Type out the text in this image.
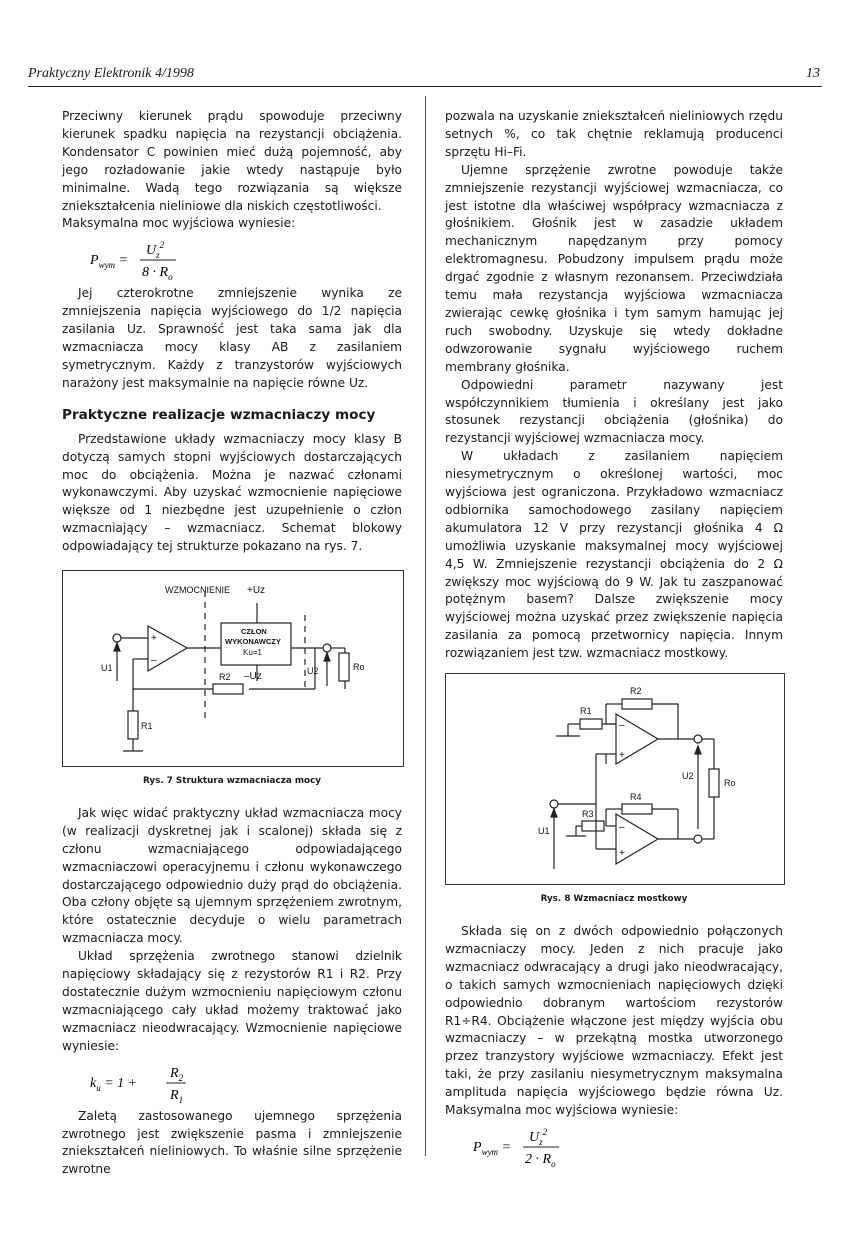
Praktyczny Elektronik 4/1998	13

Przeciwny kierunek prądu spowoduje przeciwny kierunek spadku napięcia na rezystancji obciążenia. Kondensator C powinien mieć dużą pojemność, aby jego rozładowanie jakie wtedy nastąpuje było minimalne. Wadą tego rozwiązania są większe zniekształcenia nieliniowe dla niskich częstotliwości.

Maksymalna moc wyjściowa wyniesie:

$P_{wym}$ =
$U_z^2$
$8 \cdot R_o$

Jej czterokrotne zmniejszenie wynika ze zmniejszenia napięcia wyjściowego do 1/2 napięcia zasilania Uz. Sprawność jest taka sama jak dla wzmacniacza mocy klasy AB z zasilaniem symetrycznym. Każdy z tranzystorów wyjściowych narażony jest maksymalnie na napięcie równe Uz.

Praktyczne realizacje wzmacniaczy mocy

Przedstawione układy wzmacniaczy mocy klasy B dotyczą samych stopni wyjściowych dostarczających moc do obciążenia. Można je nazwać członami wykonawczymi. Aby uzyskać wzmocnienie napięciowe większe od 1 niezbędne jest uzupełnienie o człon wzmacniający – wzmacniacz. Schemat blokowy odpowiadający tej strukturze pokazano na rys. 7.

WZMOCNIENIE +Uz
–Uz
CZŁON
WYKONAWCZY
Ku=1
+
–
U1	U2
R2
R1
Ro
Rys. 7 Struktura wzmacniacza mocy

Jak więc widać praktyczny układ wzmacniacza mocy (w realizacji dyskretnej jak i scalonej) składa się z członu wzmacniającego odpowiadającego wzmacniaczowi operacyjnemu i członu wykonawczego dostarczającego odpowiednio duży prąd do obciążenia. Oba człony objęte są ujemnym sprzężeniem zwrotnym, które ostatecznie decyduje o wielu parametrach wzmacniacza mocy.

Układ sprzężenia zwrotnego stanowi dzielnik napięciowy składający się z rezystorów R1 i R2. Przy dostatecznie dużym wzmocnieniu napięciowym członu wzmacniającego cały układ możemy traktować jako wzmacniacz nieodwracający. Wzmocnienie napięciowe wyniesie:

$k_u = 1$ +
$R_2$
$R_1$

Zaletą zastosowanego ujemnego sprzężenia zwrotnego jest zwiększenie pasma i zmniejszenie zniekształceń nieliniowych. To właśnie silne sprzężenie zwrotne

pozwala na uzyskanie zniekształceń nieliniowych rzędu setnych %, co tak chętnie reklamują producenci sprzętu Hi–Fi.

Ujemne sprzężenie zwrotne powoduje także zmniejszenie rezystancji wyjściowej wzmacniacza, co jest istotne dla właściwej współpracy wzmacniacza z głośnikiem. Głośnik jest w zasadzie układem mechanicznym napędzanym przy pomocy elektromagnesu. Pobudzony impulsem prądu może drgać zgodnie z własnym rezonansem. Przeciwdziała temu mała rezystancja wyjściowa wzmacniacza zwierając cewkę głośnika i tym samym hamując jej ruch swobodny. Uzyskuje się wtedy dokładne odwzorowanie sygnału wyjściowego ruchem membrany głośnika.

Odpowiedni parametr nazywany jest współczynnikiem tłumienia i określany jest jako stosunek rezystancji obciążenia (głośnika) do rezystancji wyjściowej wzmacniacza mocy.

W układach z zasilaniem napięciem niesymetrycznym o określonej wartości, moc wyjściowa jest ograniczona. Przykładowo wzmacniacz odbiornika samochodowego zasilany napięciem akumulatora 12 V przy rezystancji głośnika 4 Ω umożliwia uzyskanie maksymalnej mocy wyjściowej 4,5 W. Zmniejszenie rezystancji obciążenia do 2 Ω zwiększy moc wyjściową do 9 W. Jak tu zaszpanować potężnym basem? Dalsze zwiększenie mocy wyjściowej można uzyskać przez zwiększenie napięcia zasilania za pomocą przetwornicy napięcia. Innym rozwiązaniem jest tzw. wzmacniacz mostkowy.

R2
R1
R4
R3
U1
U2
Ro
–
+
–
+
Rys. 8 Wzmacniacz mostkowy

Składa się on z dwóch odpowiednio połączonych wzmacniaczy mocy. Jeden z nich pracuje jako wzmacniacz odwracający a drugi jako nieodwracający, o takich samych wzmocnieniach napięciowych dzięki odpowiednio dobranym wartościom rezystorów R1÷R4. Obciążenie włączone jest między wyjścia obu wzmacniaczy – w przekątną mostka utworzonego przez tranzystory wyjściowe wzmacniaczy. Efekt jest taki, że przy zasilaniu niesymetrycznym maksymalna amplituda napięcia wyjściowego będzie równa Uz. Maksymalna moc wyjściowa wyniesie:

$P_{wym}$ =
$U_z^2$
$2 \cdot R_o$
